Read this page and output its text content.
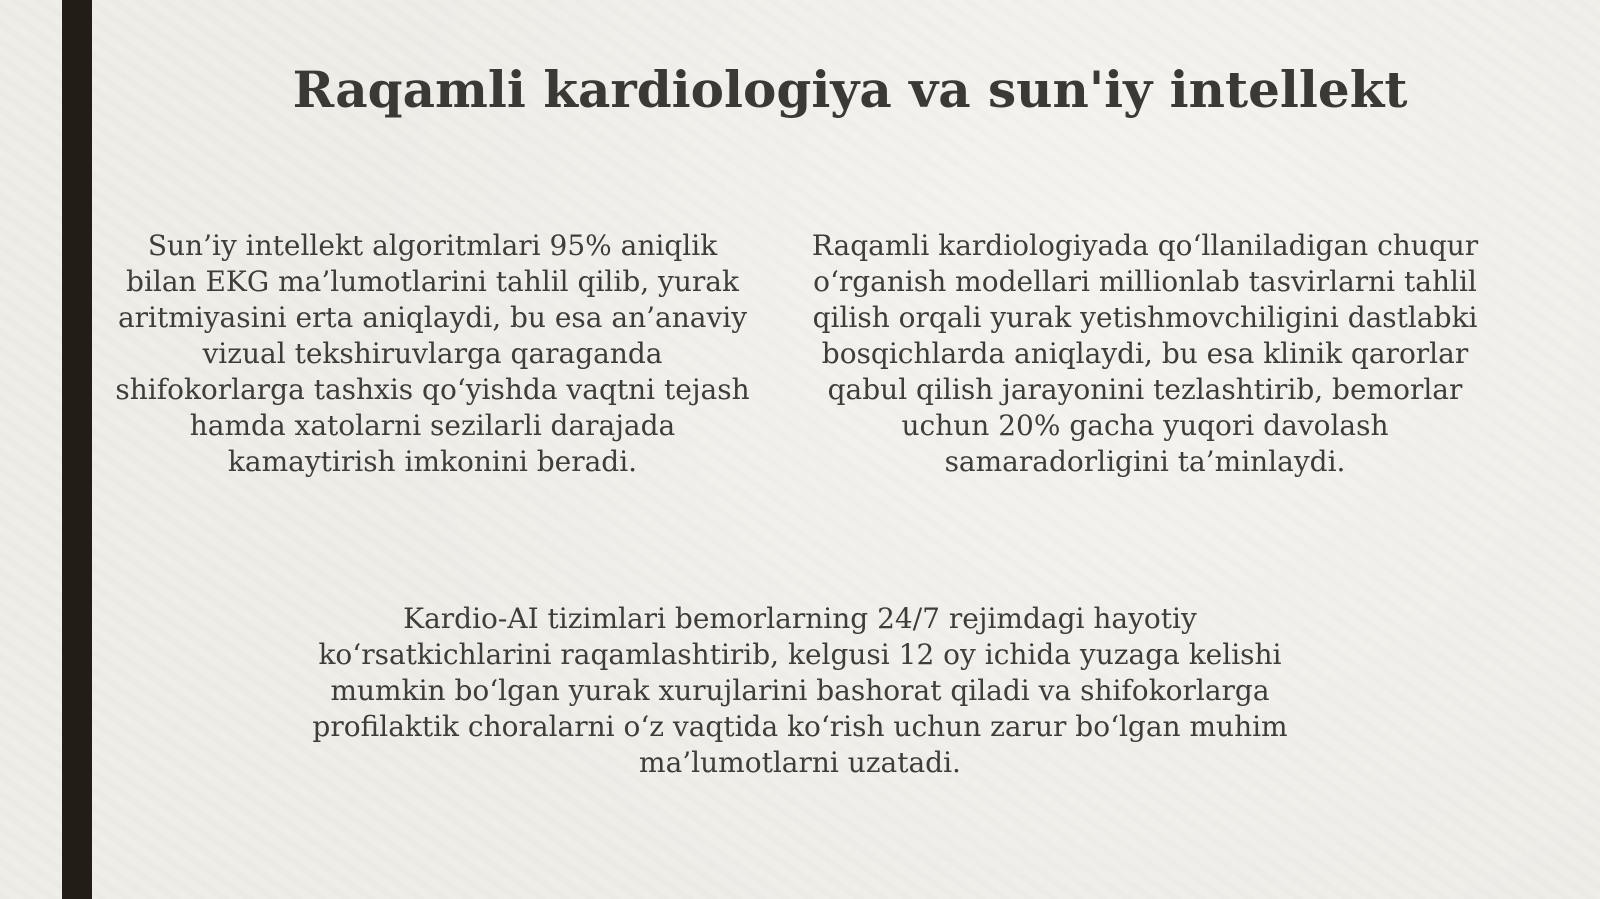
Raqamli kardiologiya va sun'iy intellekt

Sun’iy intellekt algoritmlari 95% aniqlik bilan EKG ma’lumotlarini tahlil qilib, yurak aritmiyasini erta aniqlaydi, bu esa an’anaviy vizual tekshiruvlarga qaraganda shifokorlarga tashxis qo‘yishda vaqtni tejash hamda xatolarni sezilarli darajada kamaytirish imkonini beradi.

Raqamli kardiologiyada qo‘llaniladigan chuqur o‘rganish modellari millionlab tasvirlarni tahlil qilish orqali yurak yetishmovchiligini dastlabki bosqichlarda aniqlaydi, bu esa klinik qarorlar qabul qilish jarayonini tezlashtirib, bemorlar uchun 20% gacha yuqori davolash samaradorligini ta’minlaydi.

Kardio-AI tizimlari bemorlarning 24/7 rejimdagi hayotiy ko‘rsatkichlarini raqamlashtirib, kelgusi 12 oy ichida yuzaga kelishi mumkin bo‘lgan yurak xurujlarini bashorat qiladi va shifokorlarga profilaktik choralarni o‘z vaqtida ko‘rish uchun zarur bo‘lgan muhim ma’lumotlarni uzatadi.
